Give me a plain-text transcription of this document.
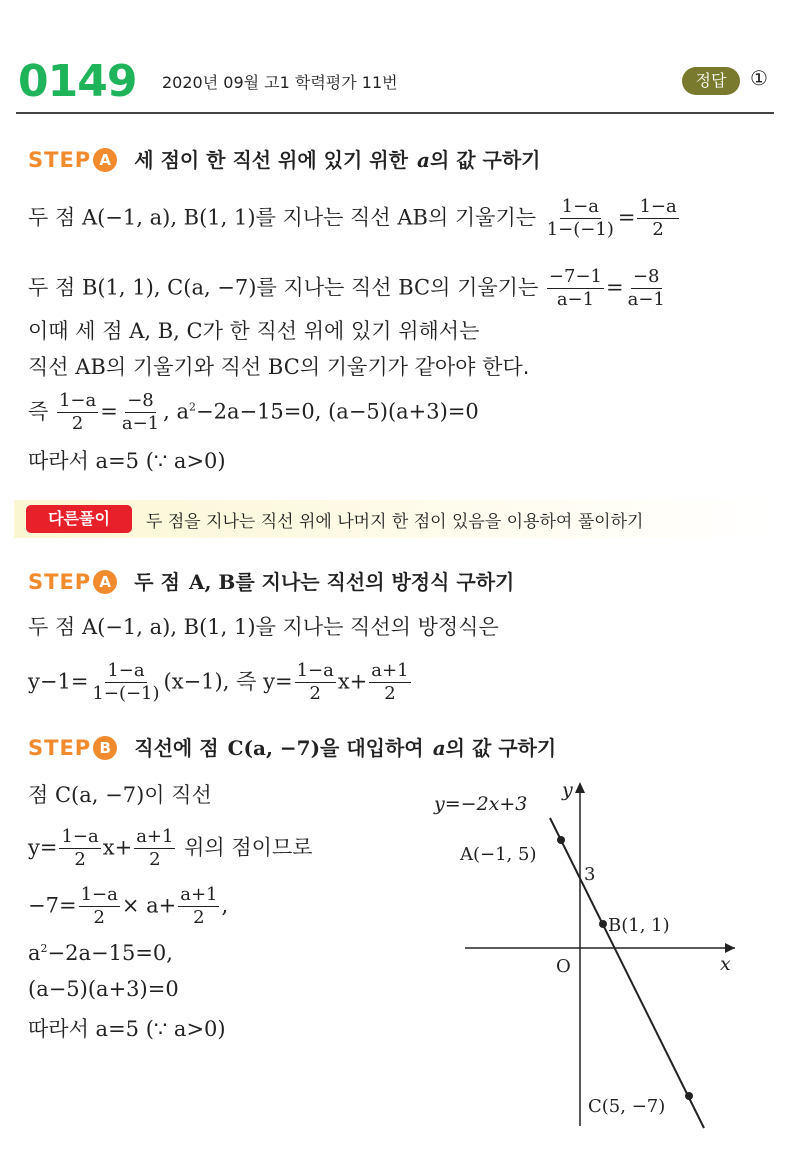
0149 2020년 09월 고1 학력평가 11번	정답	①
STEP A 세 점이 한 직선 위에 있기 위한 a의 값 구하기
두 점 A(−1, a), B(1, 1)를 지나는 직선 AB의 기울기는 $\frac{1-a}{1-(-1)} = \frac{1-a}{2}$
두 점 B(1, 1), C(a, −7)를 지나는 직선 BC의 기울기는 $\frac{-7-1}{a-1} = \frac{-8}{a-1}$
이때 세 점 A, B, C가 한 직선 위에 있기 위해서는
직선 AB의 기울기와 직선 BC의 기울기가 같아야 한다.
즉 $\frac{1-a}{2} = \frac{-8}{a-1}$ , $a^2-2a-15=0$, (a−5)(a+3)=0
따라서 a=5 (∵ a>0)
다른풀이	두 점을 지나는 직선 위에 나머지 한 점이 있음을 이용하여 풀이하기
STEP A 두 점 A, B를 지나는 직선의 방정식 구하기
두 점 A(−1, a), B(1, 1)을 지나는 직선의 방정식은
$y-1= \frac{1-a}{1-(-1)} (x-1)$, 즉 $y= \frac{1-a}{2} x+ \frac{a+1}{2}$
STEP B 직선에 점 C(a, −7)을 대입하여 a의 값 구하기
점 C(a, −7)이 직선
$y= \frac{1-a}{2} x+ \frac{a+1}{2}$ 위의 점이므로
$-7= \frac{1-a}{2} \times a+ \frac{a+1}{2}$ ,
$a^2-2a-15=0$,
(a−5)(a+3)=0
따라서 a=5 (∵ a>0)
y=−2x+3
y
x
O
3
A(−1, 5)
B(1, 1)
C(5, −7)
